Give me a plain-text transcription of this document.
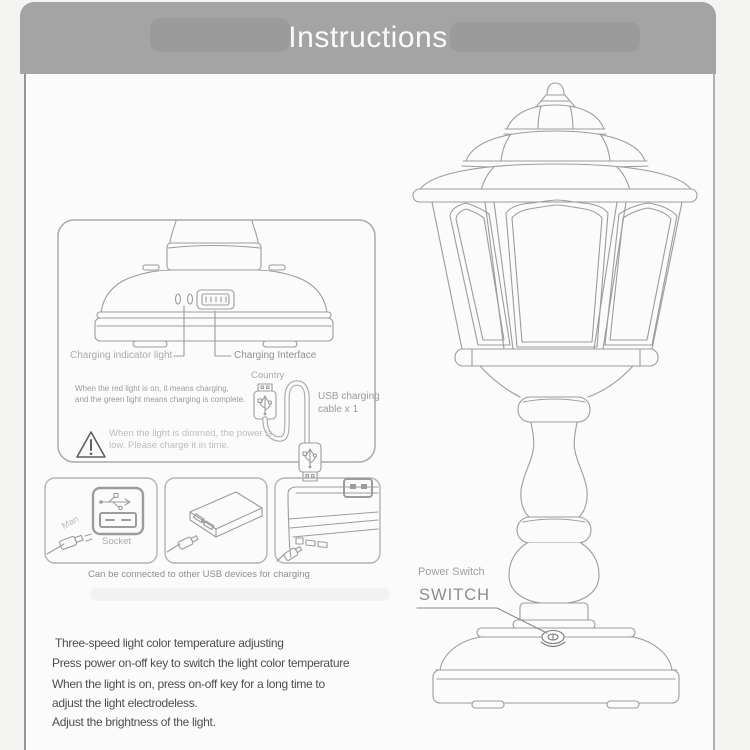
Instructions
Charging indicator light	Charging Interface
When the red light is on, it means charging,
and the green light means charging is complete.
When the light is dimmed, the power is
low. Please charge it in time.
Country
USB charging
cable x 1
Man
Socket
Can be connected to other USB devices for charging	Power Switch
SWITCH
Three-speed light color temperature adjusting
Press power on-off key to switch the light color temperature
When the light is on, press on-off key for a long time to
adjust the light electrodeless.
Adjust the brightness of the light.
